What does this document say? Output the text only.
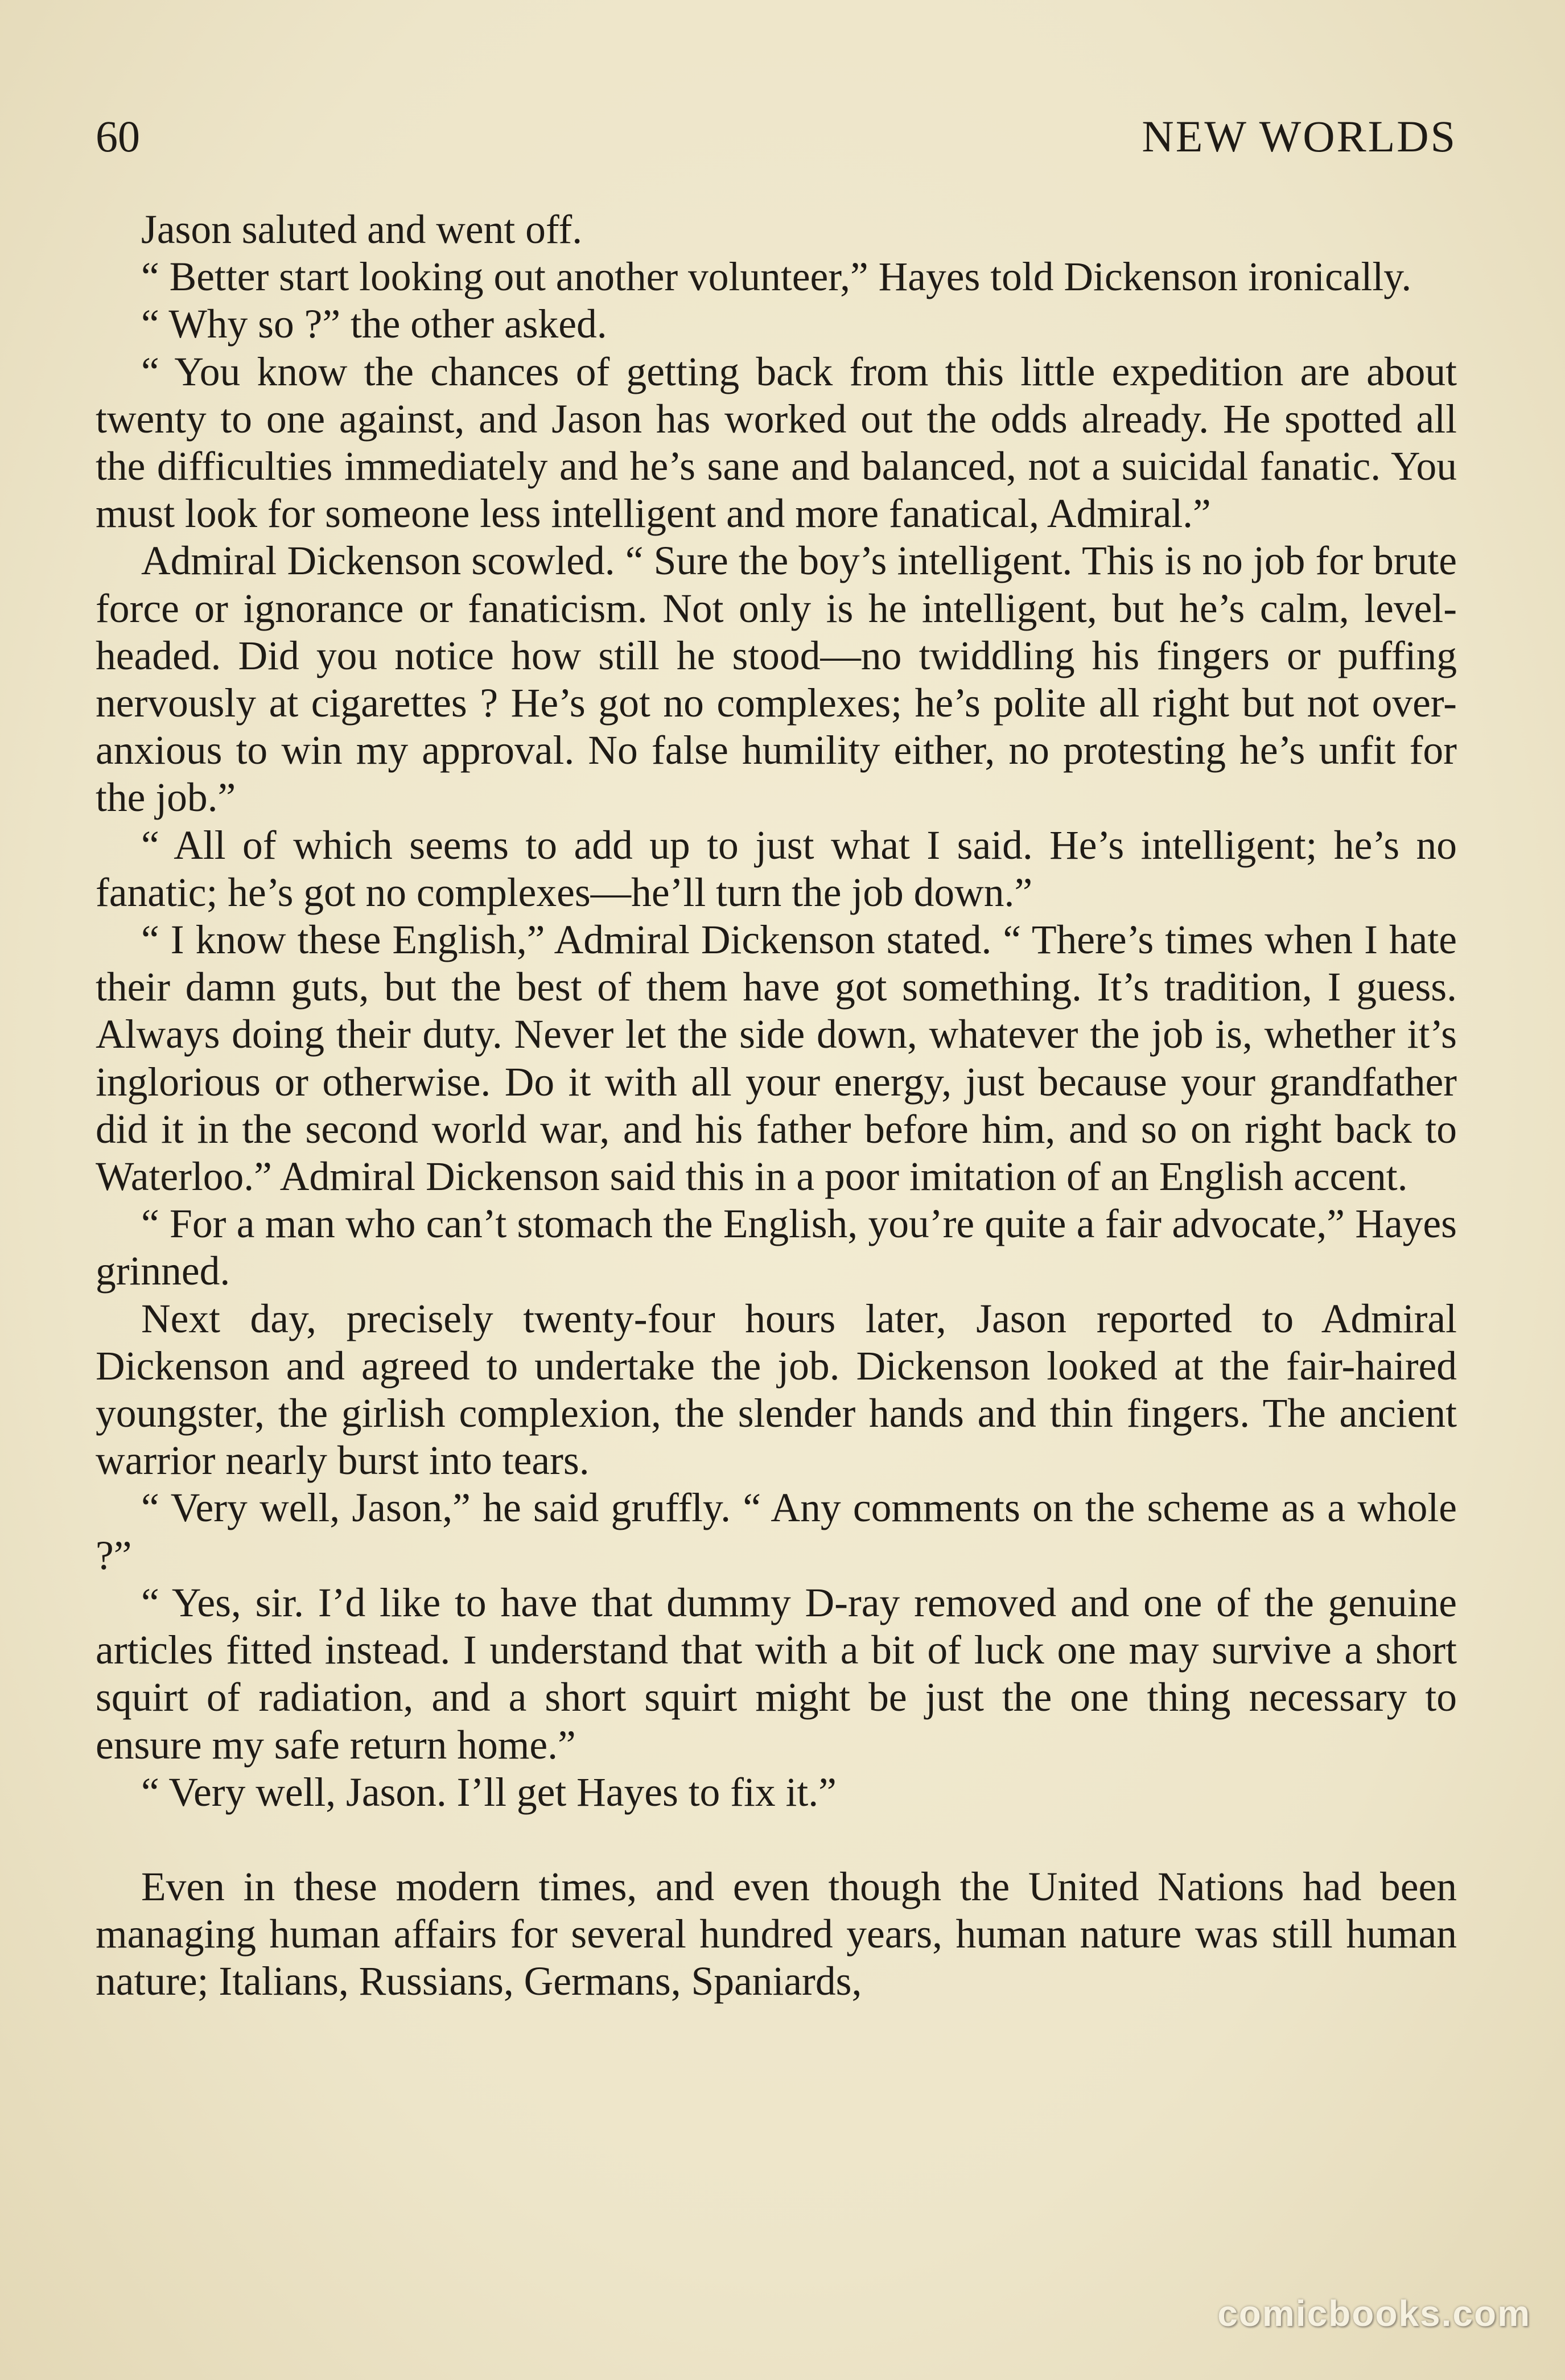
60	NEW WORLDS

Jason saluted and went off.

“ Better start looking out another volunteer,” Hayes told Dickenson ironically.

“ Why so ?” the other asked.

“ You know the chances of getting back from this little expedition are about twenty to one against, and Jason has worked out the odds already. He spotted all the difficulties immediately and he’s sane and balanced, not a suicidal fanatic. You must look for someone less intelligent and more fanatical, Admiral.”

Admiral Dickenson scowled. “ Sure the boy’s intelligent. This is no job for brute force or ignorance or fanaticism. Not only is he intelligent, but he’s calm, level-headed. Did you notice how still he stood—no twiddling his fingers or puffing nervously at cigarettes ? He’s got no complexes; he’s polite all right but not over-anxious to win my approval. No false humility either, no protesting he’s unfit for the job.”

“ All of which seems to add up to just what I said. He’s intelligent; he’s no fanatic; he’s got no complexes—he’ll turn the job down.”

“ I know these English,” Admiral Dickenson stated. “ There’s times when I hate their damn guts, but the best of them have got something. It’s tradition, I guess. Always doing their duty. Never let the side down, whatever the job is, whether it’s inglorious or otherwise. Do it with all your energy, just because your grandfather did it in the second world war, and his father before him, and so on right back to Waterloo.” Admiral Dickenson said this in a poor imitation of an English accent.

“ For a man who can’t stomach the English, you’re quite a fair advocate,” Hayes grinned.

Next day, precisely twenty-four hours later, Jason reported to Admiral Dickenson and agreed to undertake the job. Dickenson looked at the fair-haired youngster, the girlish complexion, the slender hands and thin fingers. The ancient warrior nearly burst into tears.

“ Very well, Jason,” he said gruffly. “ Any comments on the scheme as a whole ?”

“ Yes, sir. I’d like to have that dummy D-ray removed and one of the genuine articles fitted instead. I understand that with a bit of luck one may survive a short squirt of radiation, and a short squirt might be just the one thing necessary to ensure my safe return home.”

“ Very well, Jason. I’ll get Hayes to fix it.”

Even in these modern times, and even though the United Nations had been managing human affairs for several hundred years, human nature was still human nature; Italians, Russians, Germans, Spaniards,

comicbooks.com
